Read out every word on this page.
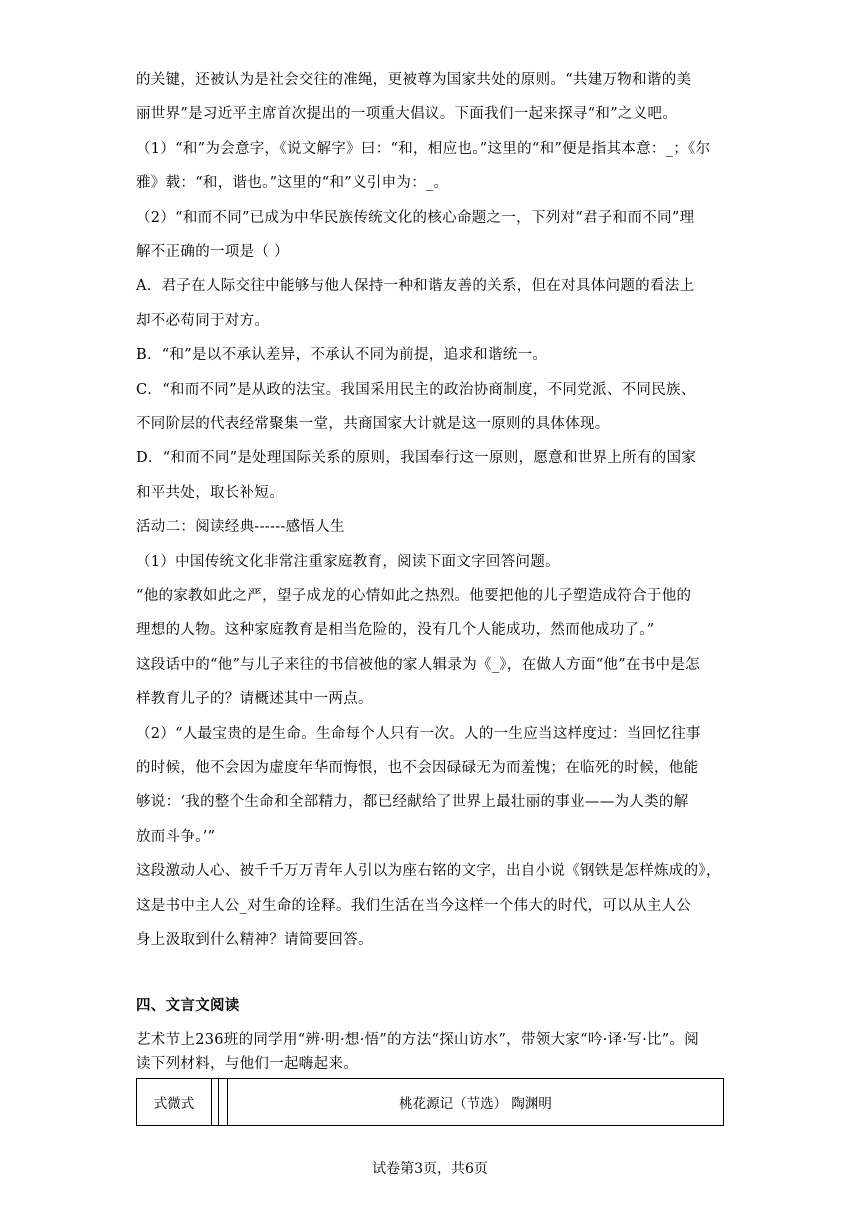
的关键，还被认为是社会交往的准绳，更被尊为国家共处的原则。“共建万物和谐的美
丽世界”是习近平主席首次提出的一项重大倡议。下面我们一起来探寻“和”之义吧。
（1）“和”为会意字，《说文解字》曰：“和，相应也。”这里的“和”便是指其本意：_；《尔
雅》载：“和，谐也。”这里的“和”义引申为：_。
（2）“和而不同”已成为中华民族传统文化的核心命题之一，下列对“君子和而不同”理
解不正确的一项是（ ）
A．君子在人际交往中能够与他人保持一种和谐友善的关系，但在对具体问题的看法上
却不必苟同于对方。
B．“和”是以不承认差异，不承认不同为前提，追求和谐统一。
C．“和而不同”是从政的法宝。我国采用民主的政治协商制度，不同党派、不同民族、
不同阶层的代表经常聚集一堂，共商国家大计就是这一原则的具体体现。
D．“和而不同”是处理国际关系的原则，我国奉行这一原则，愿意和世界上所有的国家
和平共处，取长补短。
活动二：阅读经典------感悟人生
（1）中国传统文化非常注重家庭教育，阅读下面文字回答问题。
“他的家教如此之严，望子成龙的心情如此之热烈。他要把他的儿子塑造成符合于他的
理想的人物。这种家庭教育是相当危险的，没有几个人能成功，然而他成功了。”
这段话中的“他”与儿子来往的书信被他的家人辑录为《_》，在做人方面“他”在书中是怎
样教育儿子的？请概述其中一两点。
（2）“人最宝贵的是生命。生命每个人只有一次。人的一生应当这样度过：当回忆往事
的时候，他不会因为虚度年华而悔恨，也不会因碌碌无为而羞愧；在临死的时候，他能
够说：‘我的整个生命和全部精力，都已经献给了世界上最壮丽的事业——为人类的解
放而斗争。’”
这段激动人心、被千千万万青年人引以为座右铭的文字，出自小说《钢铁是怎样炼成的》，
这是书中主人公_对生命的诠释。我们生活在当今这样一个伟大的时代，可以从主人公
身上汲取到什么精神？请简要回答。
四、文言文阅读
艺术节上236班的同学用“辨·明·想·悟”的方法“探山访水”，带领大家“吟·译·写·比”。阅
读下列材料，与他们一起嗨起来。
式微式			桃花源记（节选） 陶渊明
试卷第3页，共6页
